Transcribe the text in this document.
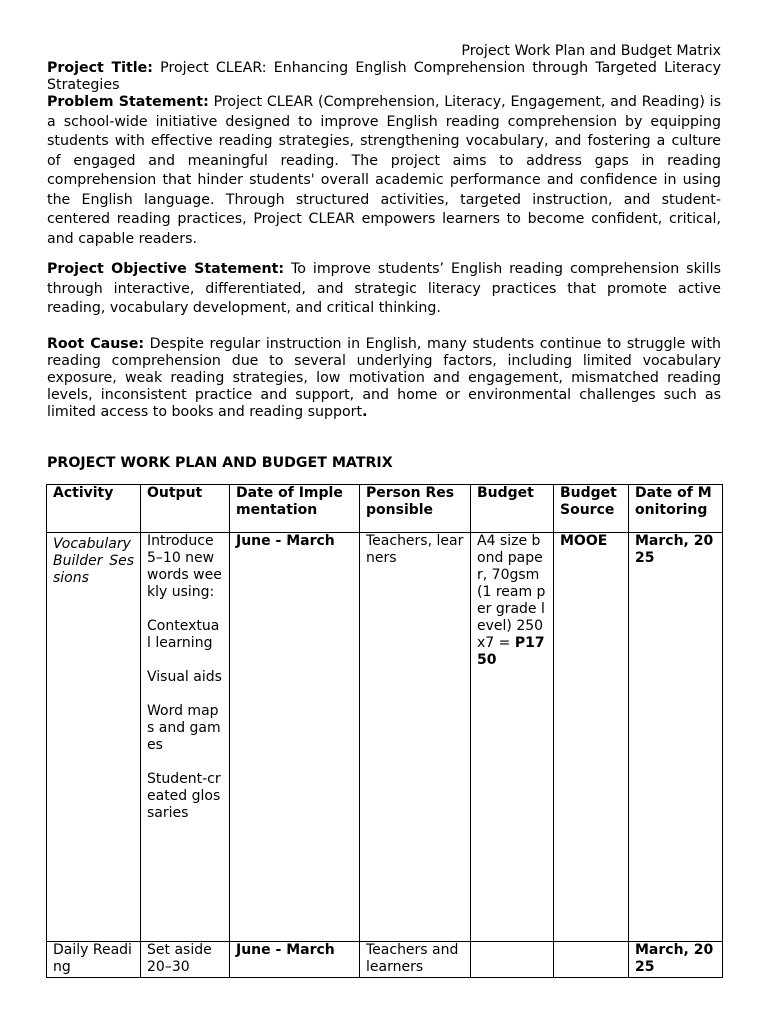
Project Work Plan and Budget Matrix
Project Title: Project CLEAR: Enhancing English Comprehension through Targeted Literacy Strategies
Problem Statement: Project CLEAR (Comprehension, Literacy, Engagement, and Reading) is a school-wide initiative designed to improve English reading comprehension by equipping students with effective reading strategies, strengthening vocabulary, and fostering a culture of engaged and meaningful reading. The project aims to address gaps in reading comprehension that hinder students' overall academic performance and confidence in using the English language. Through structured activities, targeted instruction, and student-centered reading practices, Project CLEAR empowers learners to become confident, critical, and capable readers.
Project Objective Statement: To improve students’ English reading comprehension skills through interactive, differentiated, and strategic literacy practices that promote active reading, vocabulary development, and critical thinking.
Root Cause: Despite regular instruction in English, many students continue to struggle with reading comprehension due to several underlying factors, including limited vocabulary exposure, weak reading strategies, low motivation and engagement, mismatched reading levels, inconsistent practice and support, and home or environmental challenges such as limited access to books and reading support.
PROJECT WORK PLAN AND BUDGET MATRIX
Activity	Output	Date of Implementation	Person Responsible	Budget	Budget Source	Date of Monitoring

Vocabulary Builder Sessions	Introduce 5–10 new words weekly using:
Contextual learning
Visual aids
Word maps and games
Student-created glossaries	June - March	Teachers, learners	A4 size bond paper, 70gsm (1 ream per grade level) 250x7 = P1750	MOOE	March, 2025
Daily Reading	Set aside 20–30	June - March	Teachers and learners			March, 2025
